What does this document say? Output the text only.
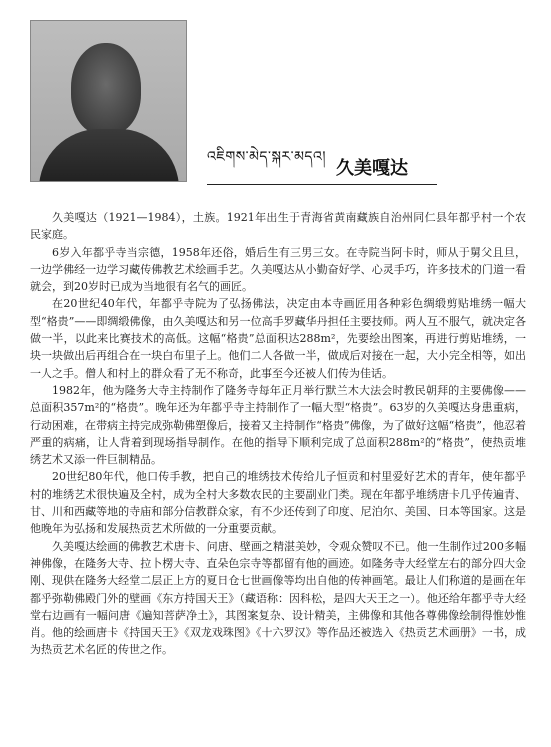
འཇིགས་མེད་སྐར་མདའ།
久美嘎达

久美嘎达（1921—1984），土族。1921年出生于青海省黄南藏族自治州同仁县年都乎村一个农民家庭。

6岁入年都乎寺当宗德，1958年还俗，婚后生有三男三女。在寺院当阿卡时，师从于舅父且旦，一边学佛经一边学习藏传佛教艺术绘画手艺。久美嘎达从小勤奋好学、心灵手巧，许多技术的门道一看就会，到20岁时已成为当地很有名气的画匠。

在20世纪40年代，年都乎寺院为了弘扬佛法，决定由本寺画匠用各种彩色绸缎剪贴堆绣一幅大型“格贵”——即绸缎佛像，由久美嘎达和另一位高手罗藏华丹担任主要技师。两人互不服气，就决定各做一半，以此来比赛技术的高低。这幅“格贵”总面积达288m²，先要绘出图案，再进行剪贴堆绣，一块一块做出后再组合在一块白布里子上。他们二人各做一半，做成后对接在一起，大小完全相等，如出一人之手。僧人和村上的群众看了无不称奇，此事至今还被人们传为佳话。

1982年，他为隆务大寺主持制作了隆务寺每年正月举行默兰木大法会时教民朝拜的主要佛像——总面积357m²的“格贵”。晚年还为年都乎寺主持制作了一幅大型“格贵”。63岁的久美嘎达身患重病，行动困难，在带病主持完成弥勒佛塑像后，接着又主持制作“格贵”佛像，为了做好这幅“格贵”，他忍着严重的病痛，让人背着到现场指导制作。在他的指导下顺利完成了总面积288m²的“格贵”，使热贡堆绣艺术又添一件巨制精品。

20世纪80年代，他口传手教，把自己的堆绣技术传给儿子恒贡和村里爱好艺术的青年，使年都乎村的堆绣艺术很快遍及全村，成为全村大多数农民的主要副业门类。现在年都乎堆绣唐卡几乎传遍青、甘、川和西藏等地的寺庙和部分信教群众家，有不少还传到了印度、尼泊尔、美国、日本等国家。这是他晚年为弘扬和发展热贡艺术所做的一分重要贡献。

久美嘎达绘画的佛教艺术唐卡、问唐、壁画之精湛美妙，令观众赞叹不已。他一生制作过200多幅神佛像，在隆务大寺、拉卜楞大寺、直朵色宗寺等都留有他的画迹。如隆务寺大经堂左右的部分四大金刚、现供在隆务大经堂二层正上方的夏日仓七世画像等均出自他的传神画笔。最让人们称道的是画在年都乎弥勒佛殿门外的壁画《东方持国天王》（藏语称：因科松，是四大天王之一）。他还给年都乎寺大经堂右边画有一幅问唐《遍知菩萨净土》，其图案复杂、设计精美，主佛像和其他各尊佛像绘制得惟妙惟肖。他的绘画唐卡《持国天王》《双龙戏珠图》《十六罗汉》等作品还被选入《热贡艺术画册》一书，成为热贡艺术名匠的传世之作。
